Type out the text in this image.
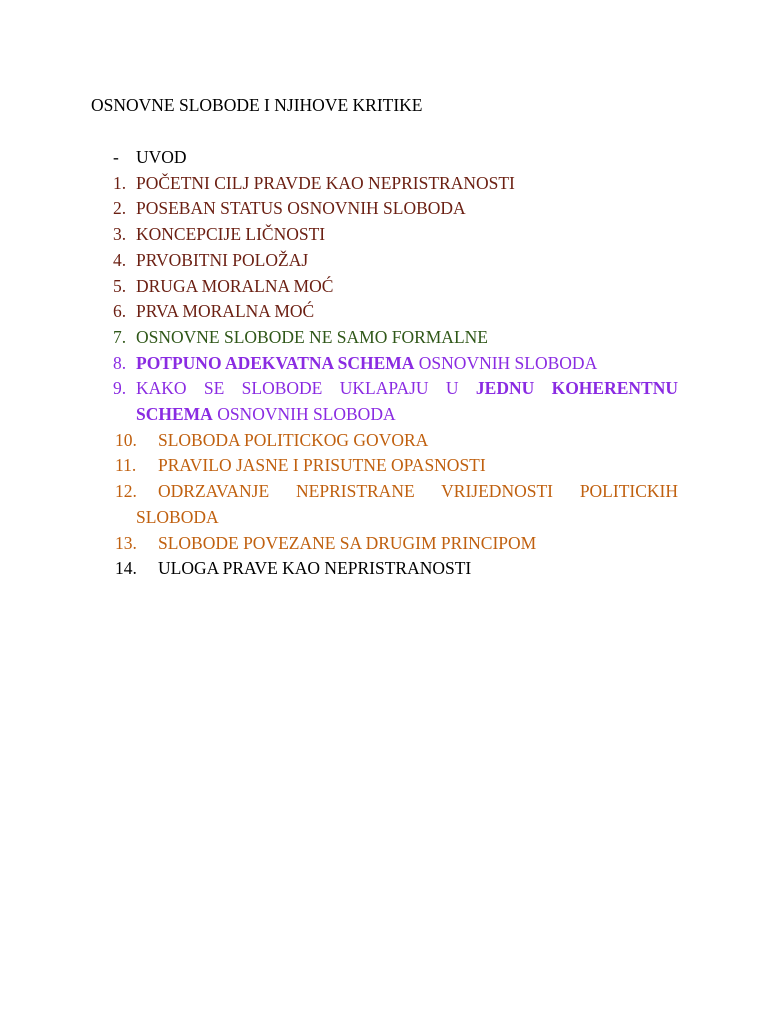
OSNOVNE SLOBODE I NJIHOVE KRITIKE
- UVOD
1. POČETNI CILJ PRAVDE KAO NEPRISTRANOSTI
2. POSEBAN STATUS OSNOVNIH SLOBODA
3. KONCEPCIJE LIČNOSTI
4. PRVOBITNI POLOŽAJ
5. DRUGA MORALNA MOĆ
6. PRVA MORALNA MOĆ
7. OSNOVNE SLOBODE NE SAMO FORMALNE
8. POTPUNO ADEKVATNA SCHEMA OSNOVNIH SLOBODA
9. KAKO SE SLOBODE UKLAPAJU U JEDNU KOHERENTNU SCHEMA OSNOVNIH SLOBODA
10.	SLOBODA POLITICKOG GOVORA
11.	PRAVILO JASNE I PRISUTNE OPASNOSTI
12.	ODRZAVANJE NEPRISTRANE VRIJEDNOSTI POLITICKIH SLOBODA
13.	SLOBODE POVEZANE SA DRUGIM PRINCIPOM
14.	ULOGA PRAVE KAO NEPRISTRANOSTI
